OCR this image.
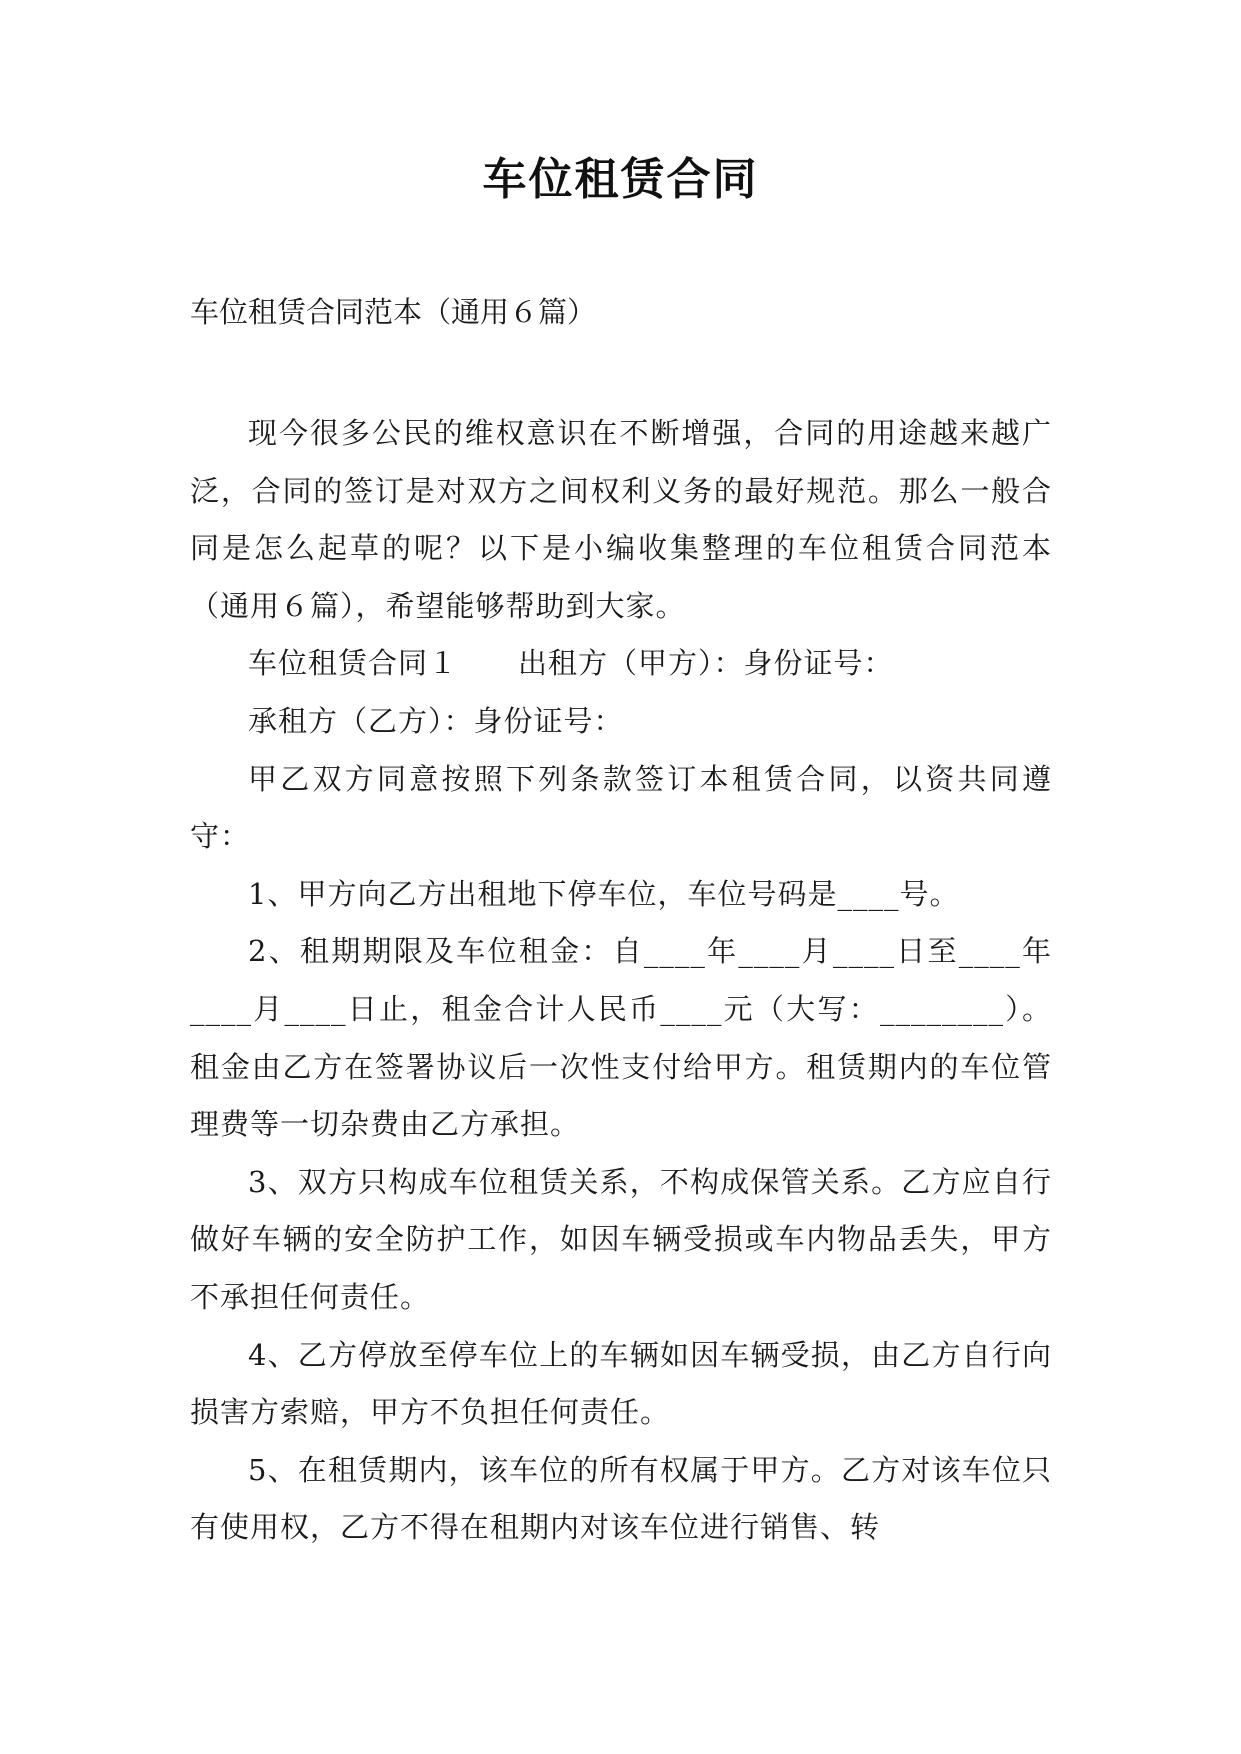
车位租赁合同
车位租赁合同范本（通用６篇）

现今很多公民的维权意识在不断增强，合同的用途越来越广泛，合同的签订是对双方之间权利义务的最好规范。那么一般合同是怎么起草的呢？以下是小编收集整理的车位租赁合同范本（通用６篇），希望能够帮助到大家。

车位租赁合同１ 出租方（甲方）：身份证号：

承租方（乙方）：身份证号：

甲乙双方同意按照下列条款签订本租赁合同，以资共同遵守：

1、甲方向乙方出租地下停车位，车位号码是____号。

2、租期期限及车位租金：自____年____月____日至____年____月____日止，租金合计人民币____元（大写：________）。租金由乙方在签署协议后一次性支付给甲方。租赁期内的车位管理费等一切杂费由乙方承担。

3、双方只构成车位租赁关系，不构成保管关系。乙方应自行做好车辆的安全防护工作，如因车辆受损或车内物品丢失，甲方不承担任何责任。

4、乙方停放至停车位上的车辆如因车辆受损，由乙方自行向损害方索赔，甲方不负担任何责任。

5、在租赁期内，该车位的所有权属于甲方。乙方对该车位只有使用权，乙方不得在租期内对该车位进行销售、转
